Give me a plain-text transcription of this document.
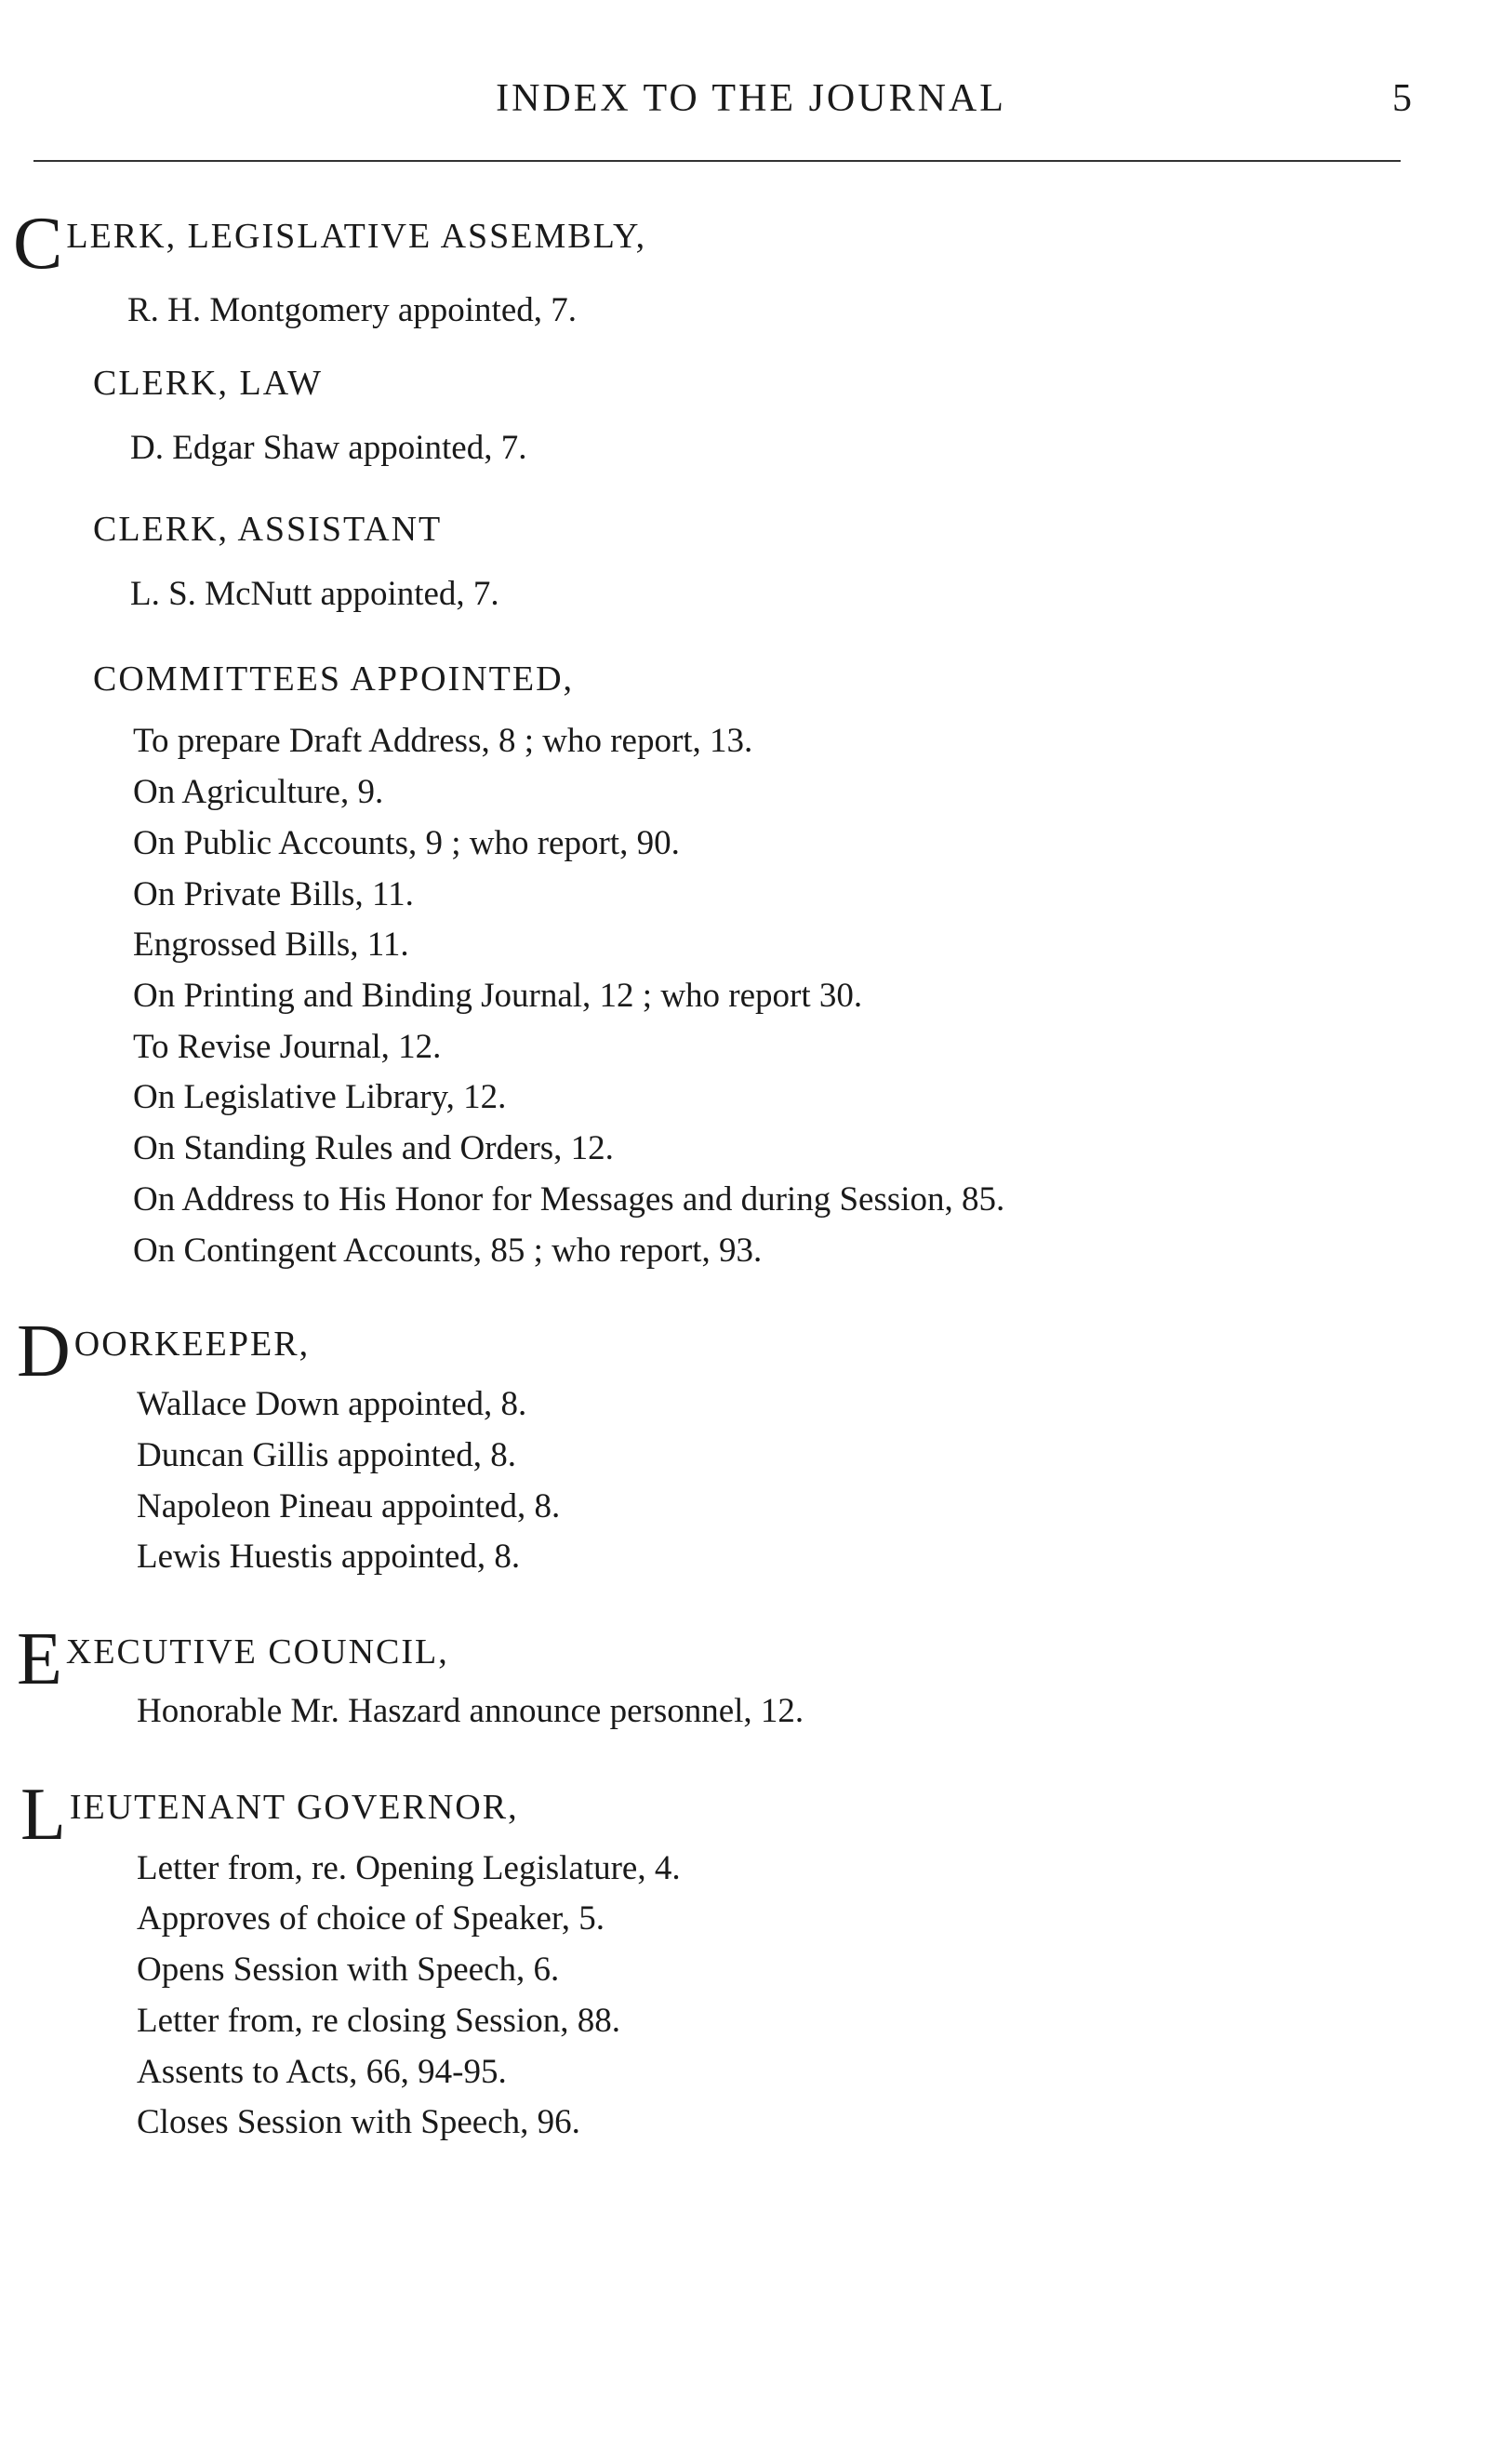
INDEX TO THE JOURNAL	5
CLERK, LEGISLATIVE ASSEMBLY,
R. H. Montgomery appointed, 7.
CLERK, LAW
D. Edgar Shaw appointed, 7.
CLERK, ASSISTANT
L. S. McNutt appointed, 7.
COMMITTEES APPOINTED,
To prepare Draft Address, 8 ; who report, 13.
On Agriculture, 9.
On Public Accounts, 9 ; who report, 90.
On Private Bills, 11.
Engrossed Bills, 11.
On Printing and Binding Journal, 12 ; who report 30.
To Revise Journal, 12.
On Legislative Library, 12.
On Standing Rules and Orders, 12.
On Address to His Honor for Messages and during Session, 85.
On Contingent Accounts, 85 ; who report, 93.
DOORKEEPER,
Wallace Down appointed, 8.
Duncan Gillis appointed, 8.
Napoleon Pineau appointed, 8.
Lewis Huestis appointed, 8.
EXECUTIVE COUNCIL,
Honorable Mr. Haszard announce personnel, 12.
LIEUTENANT GOVERNOR,
Letter from, re. Opening Legislature, 4.
Approves of choice of Speaker, 5.
Opens Session with Speech, 6.
Letter from, re closing Session, 88.
Assents to Acts, 66, 94-95.
Closes Session with Speech, 96.
